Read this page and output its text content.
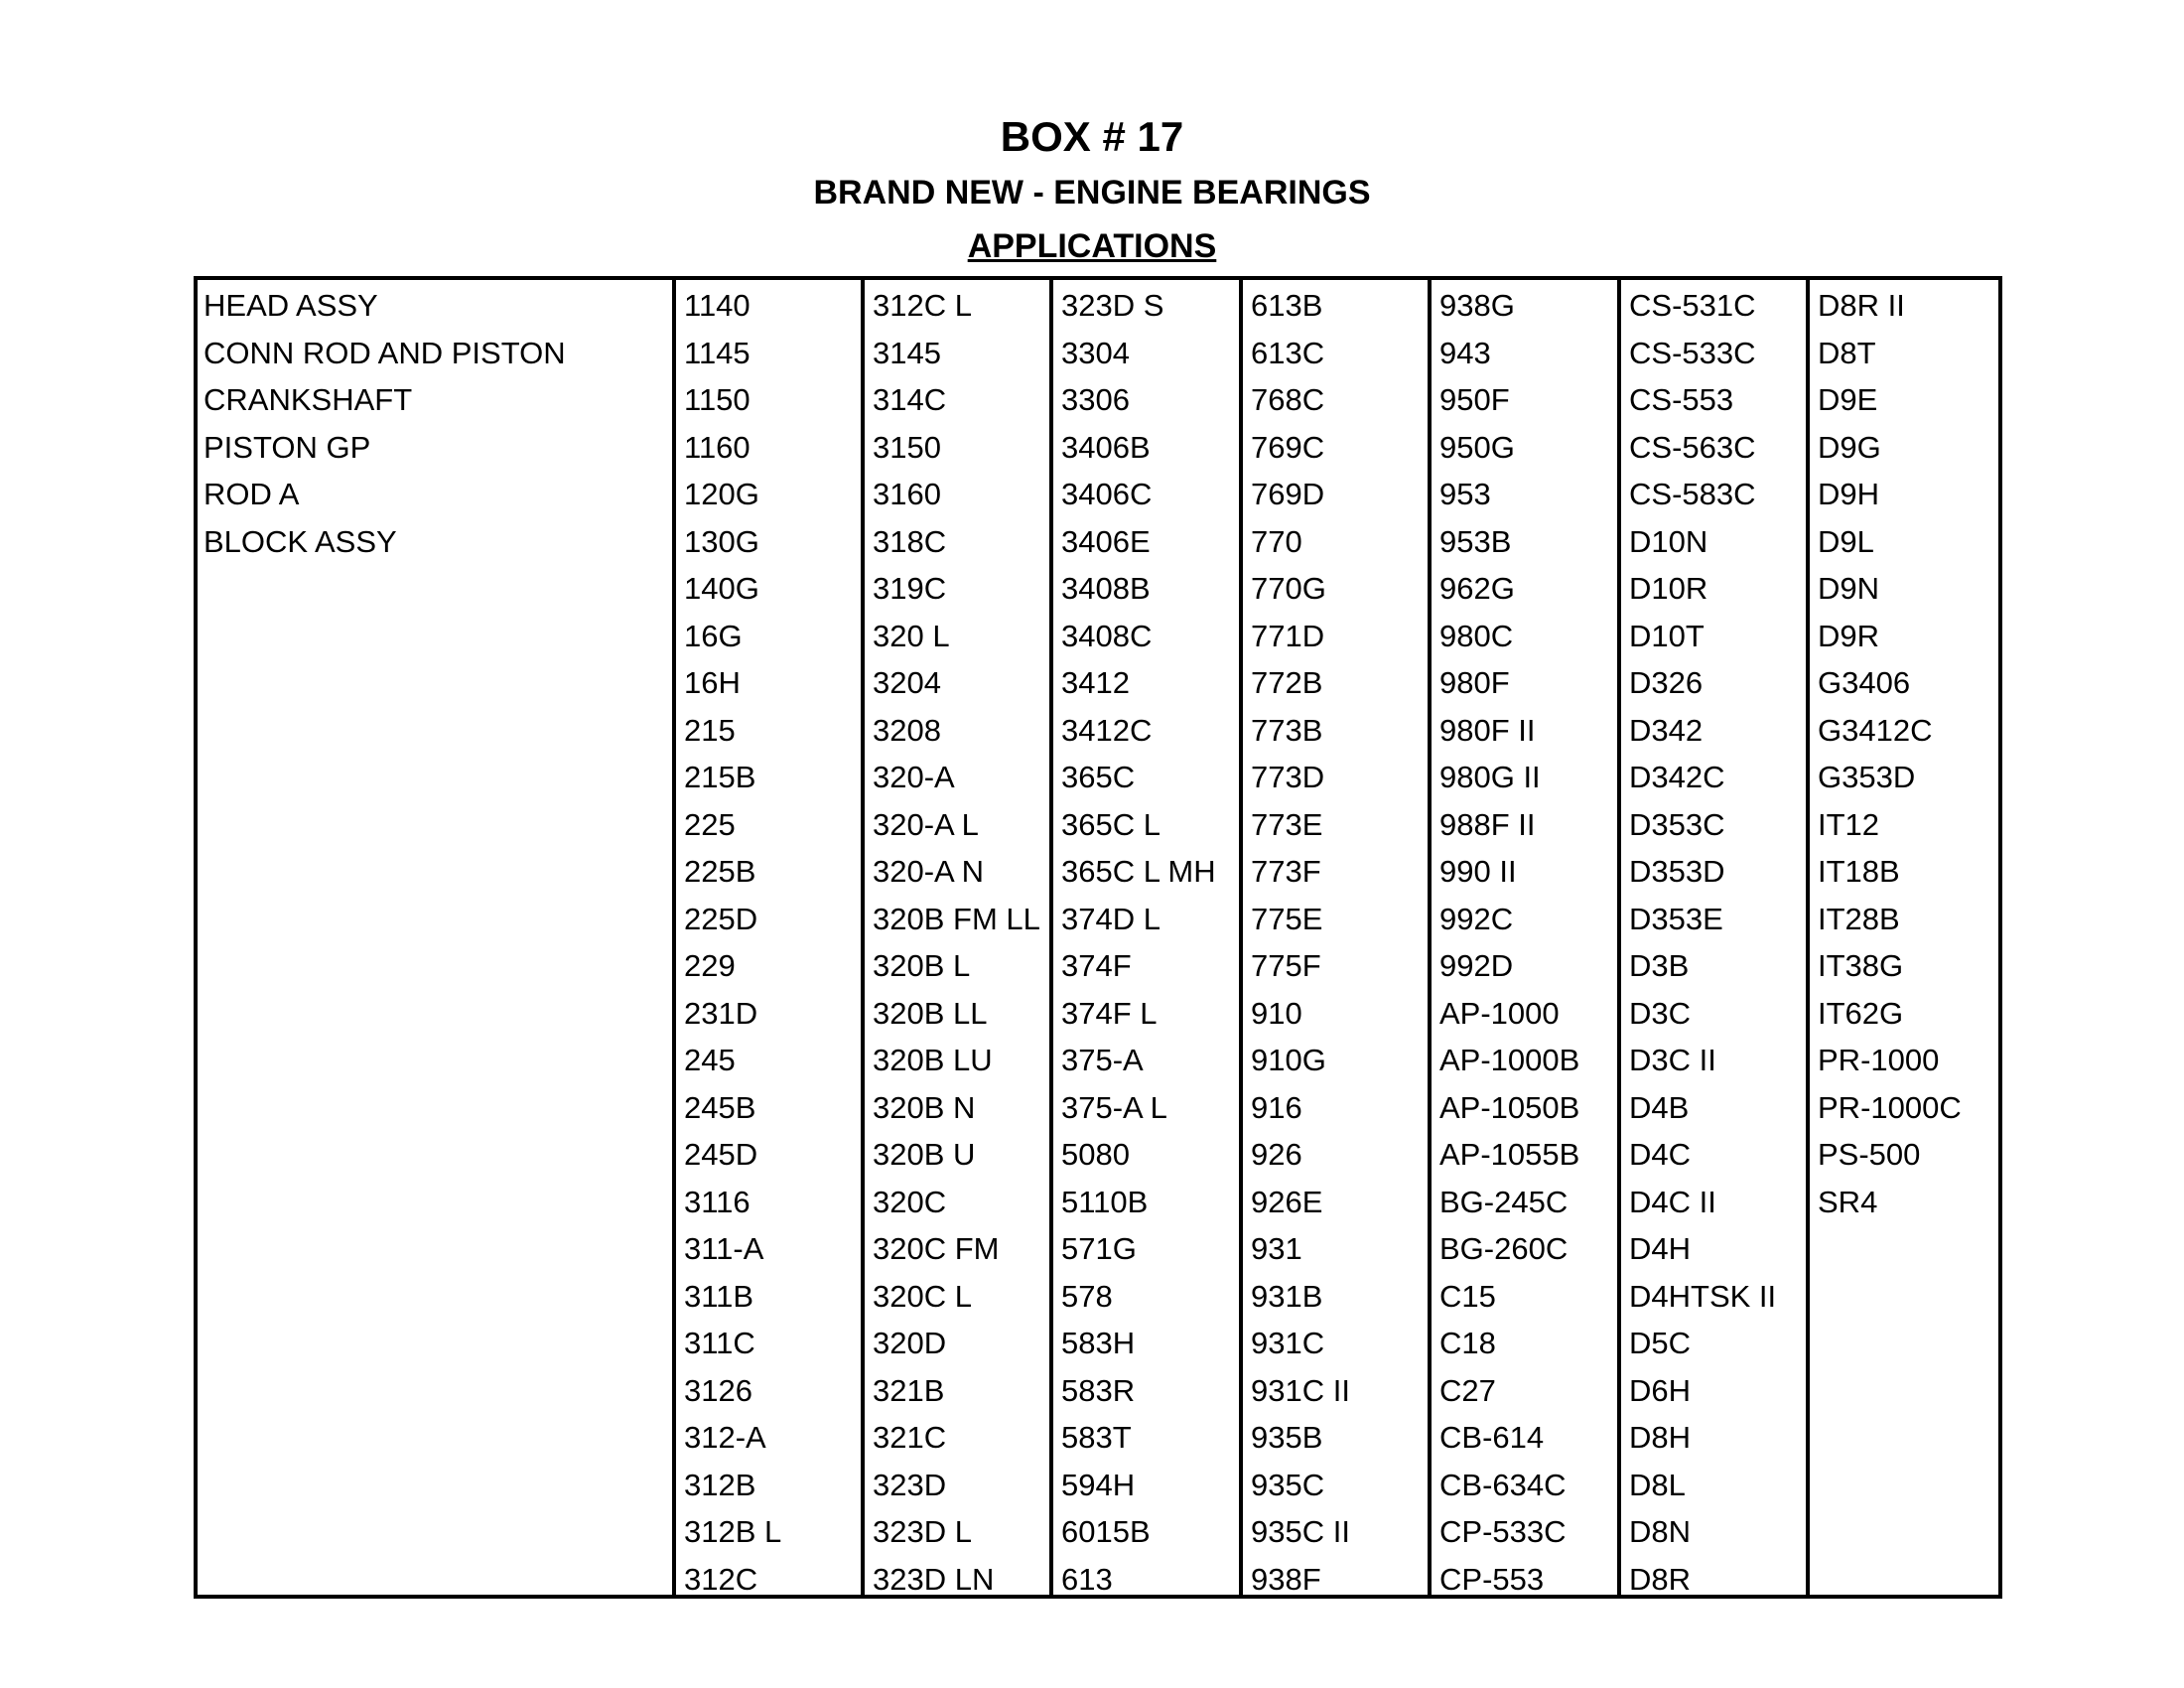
BOX # 17
BRAND NEW - ENGINE BEARINGS
APPLICATIONS
HEAD ASSY
CONN ROD AND PISTON
CRANKSHAFT
PISTON GP
ROD A
BLOCK ASSY
1140
1145
1150
1160
120G
130G
140G
16G
16H
215
215B
225
225B
225D
229
231D
245
245B
245D
3116
311-A
311B
311C
3126
312-A
312B
312B L
312C
312C L
3145
314C
3150
3160
318C
319C
320 L
3204
3208
320-A
320-A L
320-A N
320B FM LL
320B L
320B LL
320B LU
320B N
320B U
320C
320C FM
320C L
320D
321B
321C
323D
323D L
323D LN
323D S
3304
3306
3406B
3406C
3406E
3408B
3408C
3412
3412C
365C
365C L
365C L MH
374D L
374F
374F L
375-A
375-A L
5080
5110B
571G
578
583H
583R
583T
594H
6015B
613
613B
613C
768C
769C
769D
770
770G
771D
772B
773B
773D
773E
773F
775E
775F
910
910G
916
926
926E
931
931B
931C
931C II
935B
935C
935C II
938F
938G
943
950F
950G
953
953B
962G
980C
980F
980F II
980G II
988F II
990 II
992C
992D
AP-1000
AP-1000B
AP-1050B
AP-1055B
BG-245C
BG-260C
C15
C18
C27
CB-614
CB-634C
CP-533C
CP-553
CS-531C
CS-533C
CS-553
CS-563C
CS-583C
D10N
D10R
D10T
D326
D342
D342C
D353C
D353D
D353E
D3B
D3C
D3C II
D4B
D4C
D4C II
D4H
D4HTSK II
D5C
D6H
D8H
D8L
D8N
D8R
D8R II
D8T
D9E
D9G
D9H
D9L
D9N
D9R
G3406
G3412C
G353D
IT12
IT18B
IT28B
IT38G
IT62G
PR-1000
PR-1000C
PS-500
SR4
